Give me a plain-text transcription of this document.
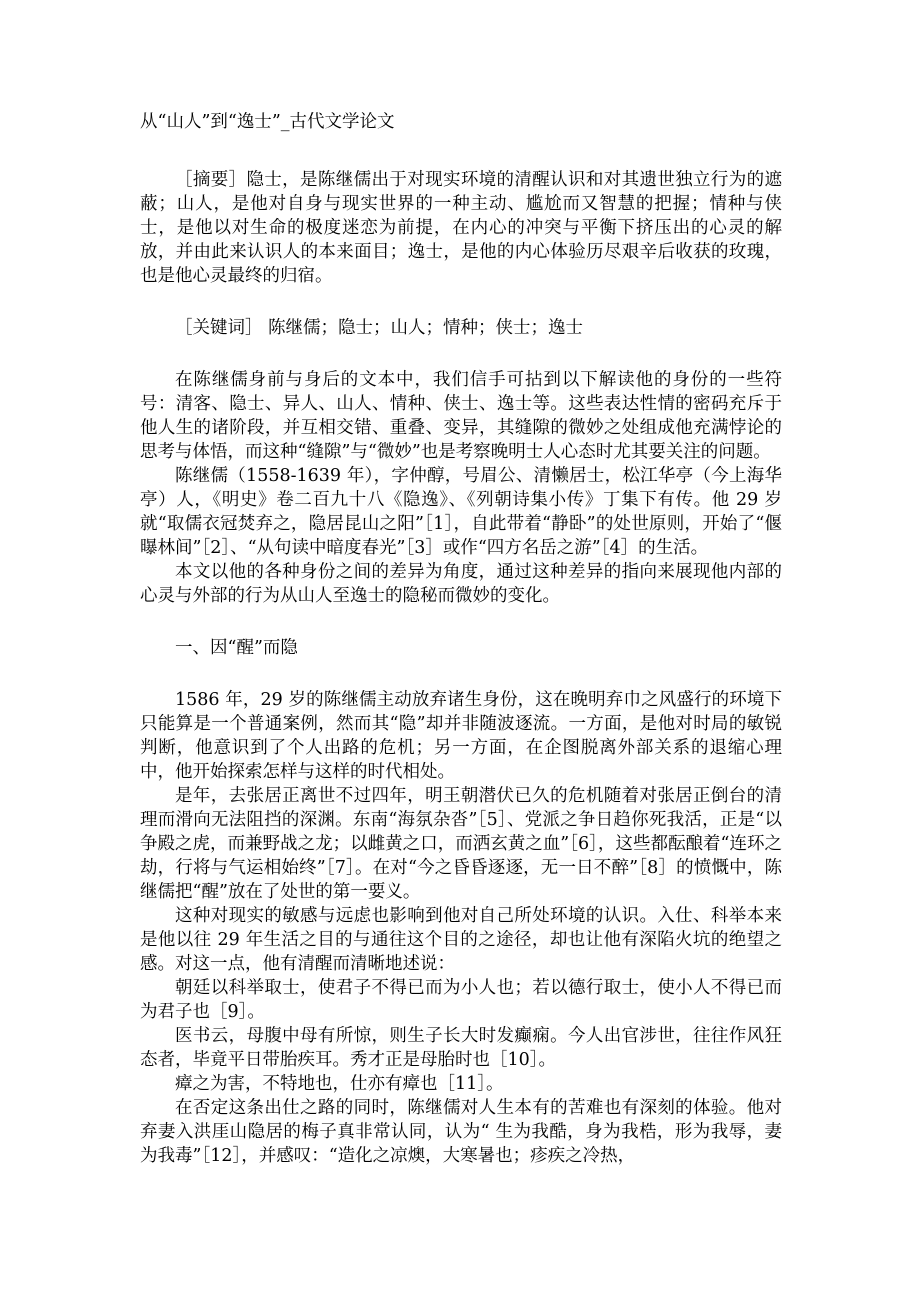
从“山人”到“逸士”_古代文学论文

［摘要］隐士，是陈继儒出于对现实环境的清醒认识和对其遗世独立行为的遮蔽；山人，是他对自身与现实世界的一种主动、尴尬而又智慧的把握；情种与侠士，是他以对生命的极度迷恋为前提，在内心的冲突与平衡下挤压出的心灵的解放，并由此来认识人的本来面目；逸士，是他的内心体验历尽艰辛后收获的玫瑰，也是他心灵最终的归宿。

［关键词］ 陈继儒；隐士；山人；情种；侠士；逸士

在陈继儒身前与身后的文本中，我们信手可拈到以下解读他的身份的一些符号：清客、隐士、异人、山人、情种、侠士、逸士等。这些表达性情的密码充斥于他人生的诸阶段，并互相交错、重叠、变异，其缝隙的微妙之处组成他充满悖论的思考与体悟，而这种“缝隙”与“微妙”也是考察晚明士人心态时尤其要关注的问题。

陈继儒（1558-1639 年），字仲醇，号眉公、清懒居士，松江华亭（今上海华亭）人，《明史》卷二百九十八《隐逸》、《列朝诗集小传》丁集下有传。他 29 岁就“取儒衣冠焚弃之，隐居昆山之阳”［1］，自此带着“静卧”的处世原则，开始了“偃曝林间”［2］、“从句读中暗度春光”［3］或作“四方名岳之游”［4］的生活。

本文以他的各种身份之间的差异为角度，通过这种差异的指向来展现他内部的心灵与外部的行为从山人至逸士的隐秘而微妙的变化。

一、因“醒”而隐

1586 年，29 岁的陈继儒主动放弃诸生身份，这在晚明弃巾之风盛行的环境下只能算是一个普通案例，然而其“隐”却并非随波逐流。一方面，是他对时局的敏锐判断，他意识到了个人出路的危机；另一方面，在企图脱离外部关系的退缩心理中，他开始探索怎样与这样的时代相处。

是年，去张居正离世不过四年，明王朝潜伏已久的危机随着对张居正倒台的清理而滑向无法阻挡的深渊。东南“海氛杂沓”［5］、党派之争日趋你死我活，正是“以争殿之虎，而兼野战之龙；以雌黄之口，而洒玄黄之血”［6］，这些都酝酿着“连环之劫，行将与气运相始终”［7］。在对“今之昏昏逐逐，无一日不醉”［8］的愤慨中，陈继儒把“醒”放在了处世的第一要义。

这种对现实的敏感与远虑也影响到他对自己所处环境的认识。入仕、科举本来是他以往 29 年生活之目的与通往这个目的之途径，却也让他有深陷火坑的绝望之感。对这一点，他有清醒而清晰地述说：

朝廷以科举取士，使君子不得已而为小人也；若以德行取士，使小人不得已而为君子也［9］。

医书云，母腹中母有所惊，则生子长大时发癫痫。今人出官涉世，往往作风狂态者，毕竟平日带胎疾耳。秀才正是母胎时也［10］。

瘴之为害，不特地也，仕亦有瘴也［11］。

在否定这条出仕之路的同时，陈继儒对人生本有的苦难也有深刻的体验。他对弃妻入洪厓山隐居的梅子真非常认同，认为“ 生为我酷，身为我梏，形为我辱，妻为我毒”［12］，并感叹：“造化之凉燠，大寒暑也；疹疾之冷热，
